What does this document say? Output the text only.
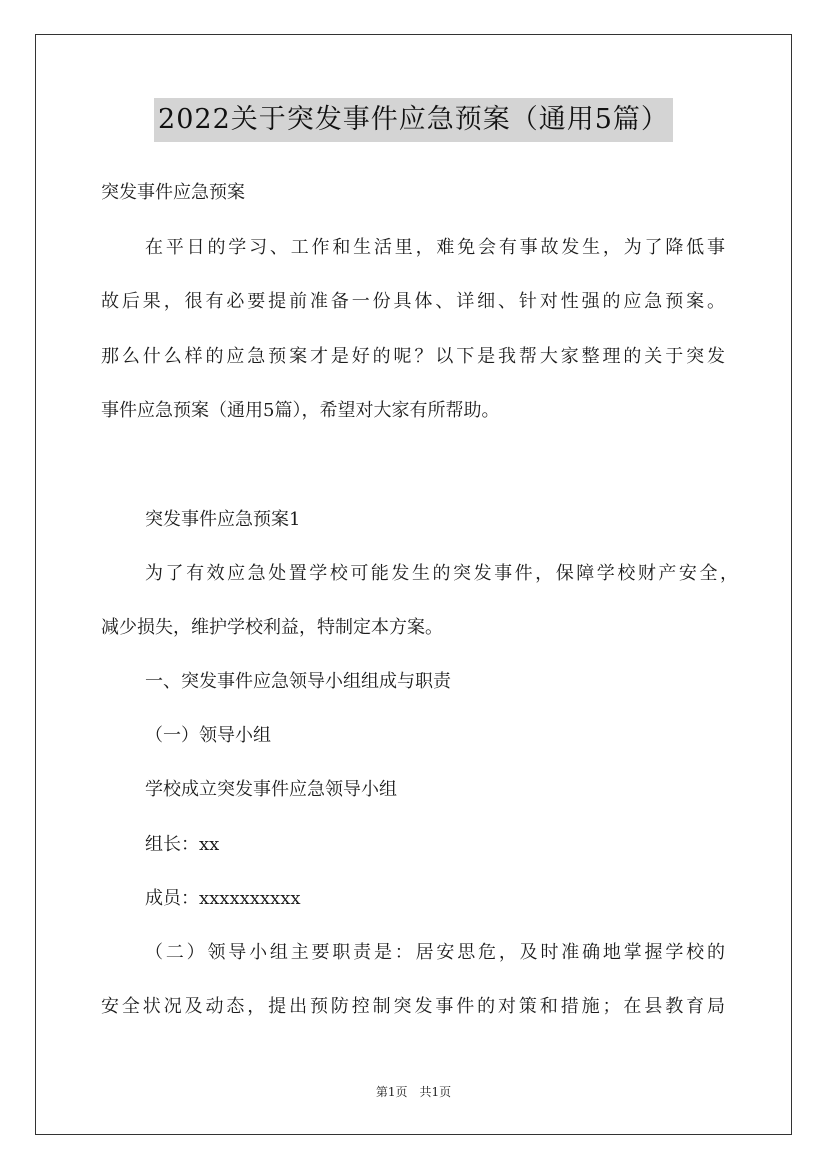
2022关于突发事件应急预案（通用5篇）
突发事件应急预案
在平日的学习、工作和生活里，难免会有事故发生，为了降低事
故后果，很有必要提前准备一份具体、详细、针对性强的应急预案。
那么什么样的应急预案才是好的呢？以下是我帮大家整理的关于突发
事件应急预案（通用5篇），希望对大家有所帮助。
突发事件应急预案1
为了有效应急处置学校可能发生的突发事件，保障学校财产安全，
减少损失，维护学校利益，特制定本方案。
一、突发事件应急领导小组组成与职责
（一）领导小组
学校成立突发事件应急领导小组
组长：xx
成员：xxxxxxxxxx
（二）领导小组主要职责是：居安思危，及时准确地掌握学校的
安全状况及动态，提出预防控制突发事件的对策和措施；在县教育局
第1页　共1页
